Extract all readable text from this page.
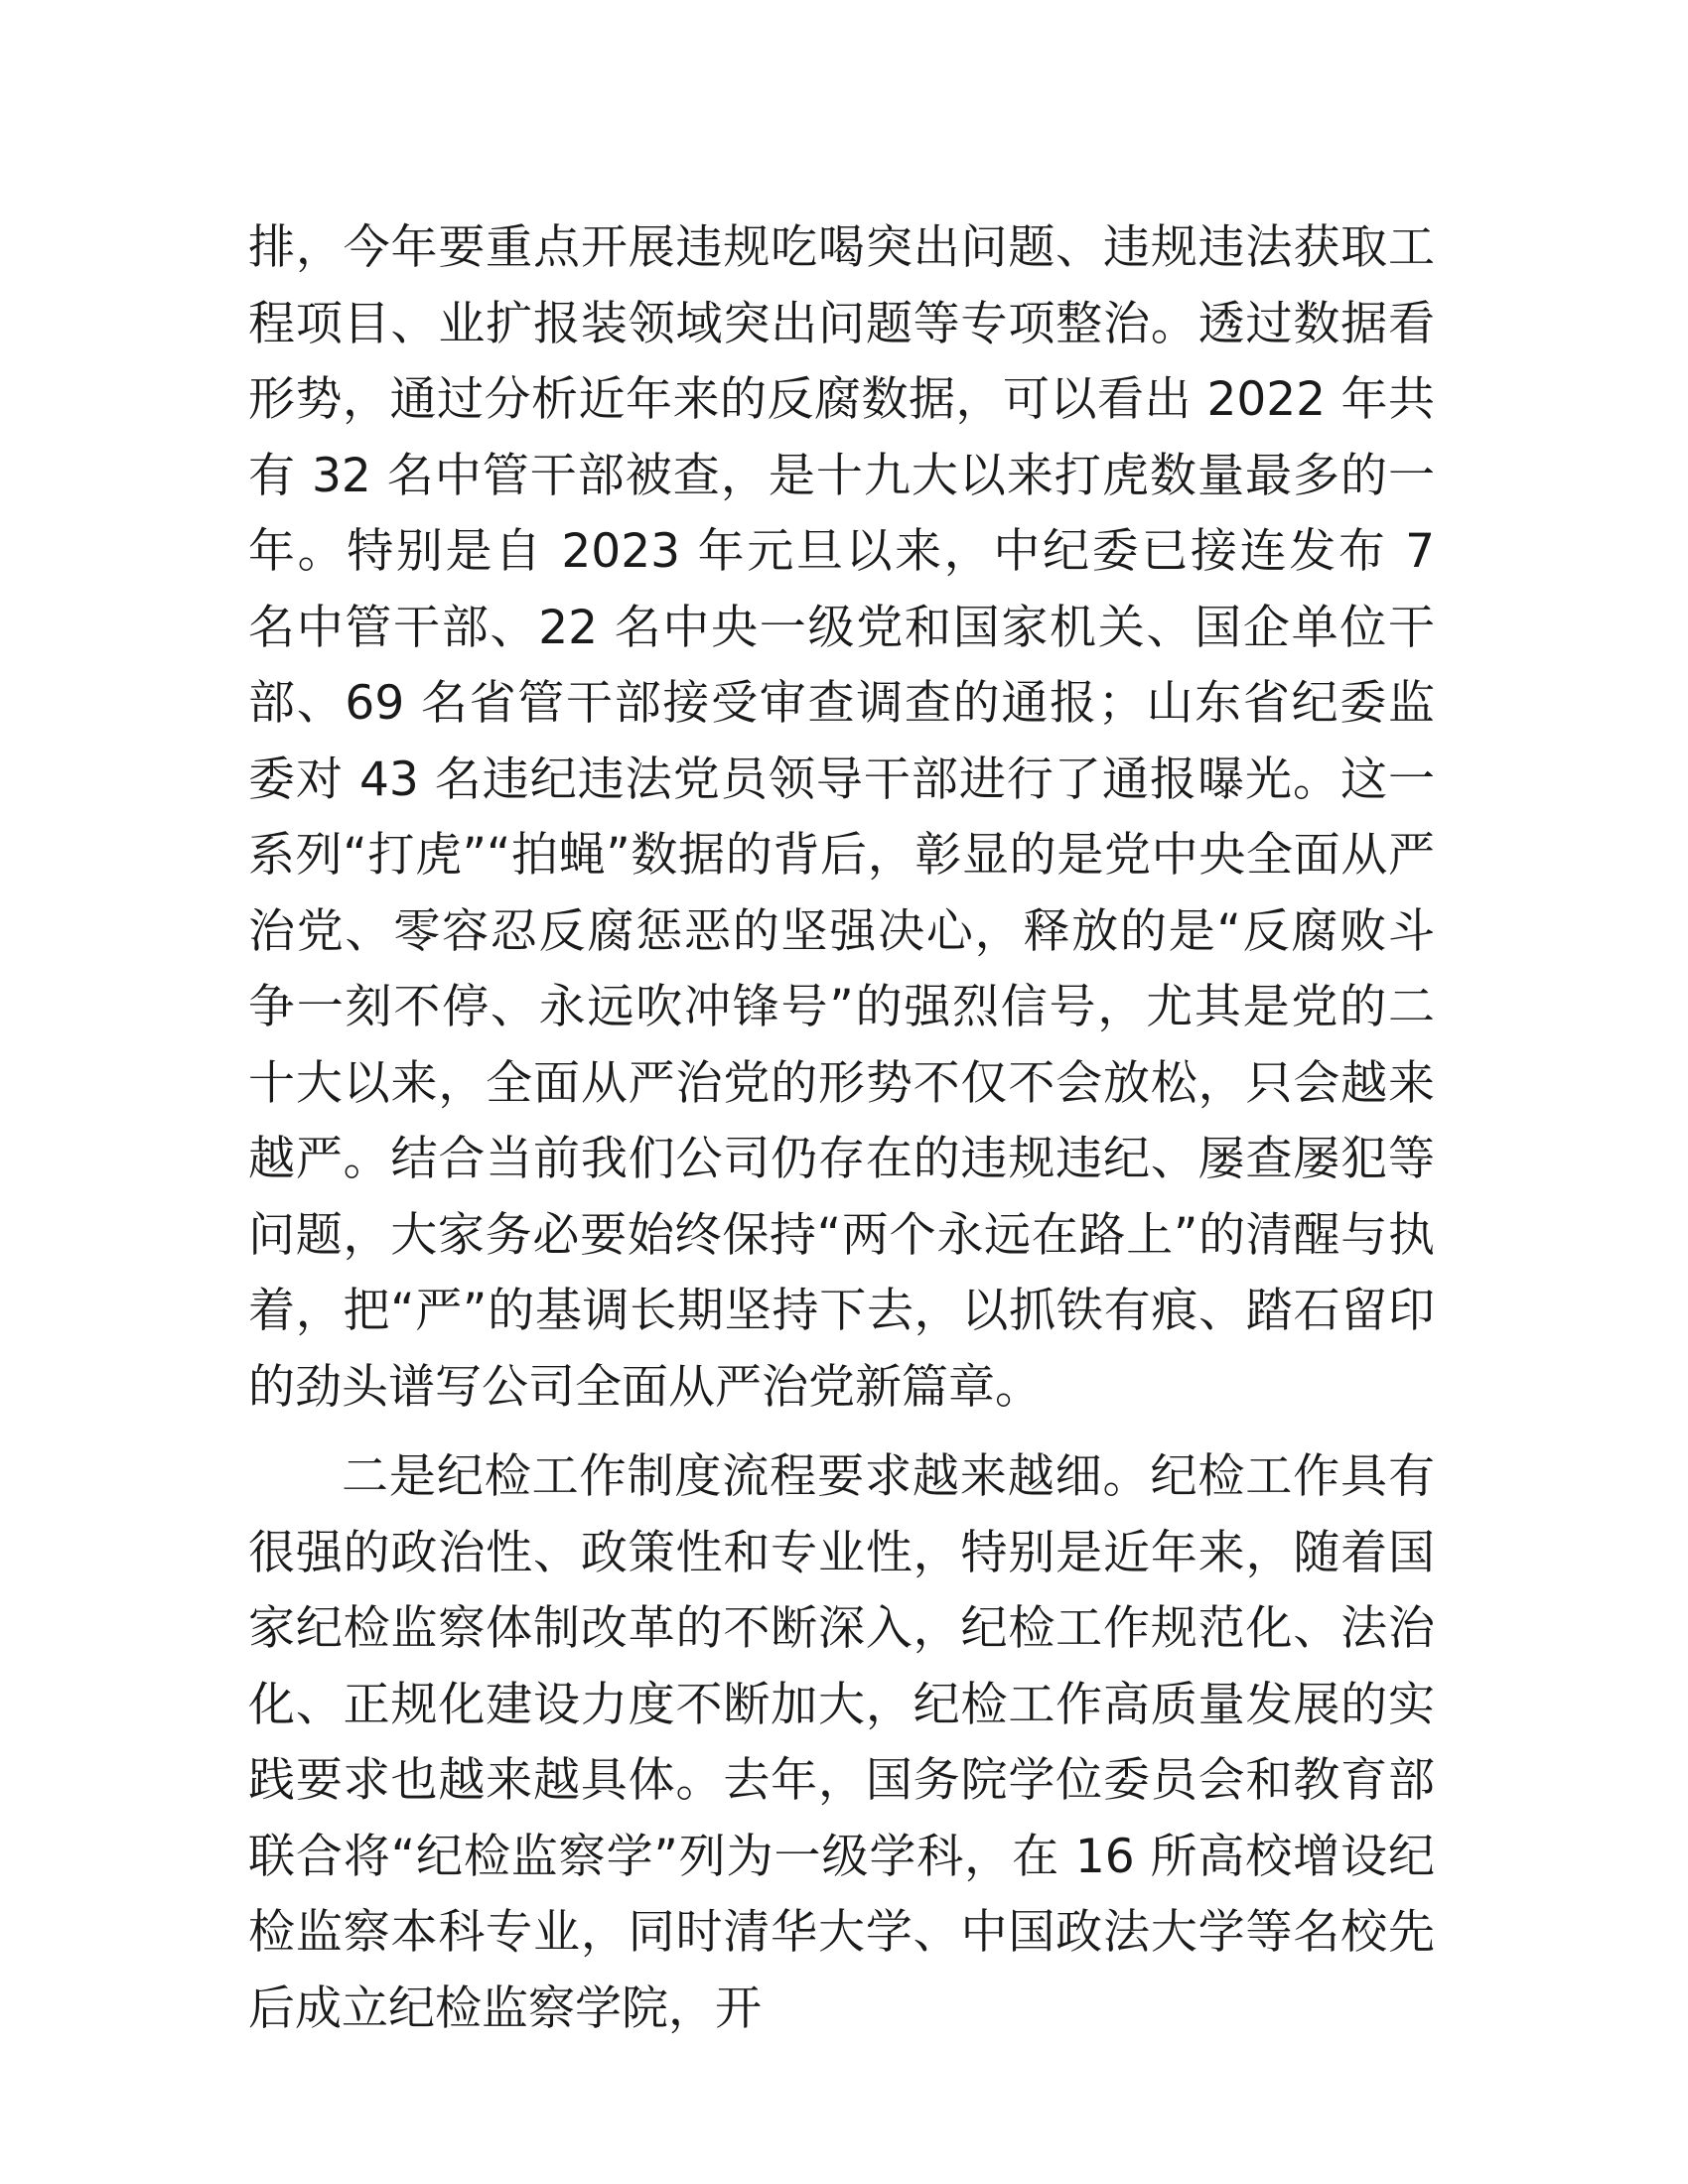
排，今年要重点开展违规吃喝突出问题、违规违法获取工程项目、业扩报装领域突出问题等专项整治。透过数据看形势，通过分析近年来的反腐数据，可以看出 2022 年共有 32 名中管干部被查，是十九大以来打虎数量最多的一年。特别是自 2023 年元旦以来，中纪委已接连发布 7 名中管干部、22 名中央一级党和国家机关、国企单位干部、69 名省管干部接受审查调查的通报；山东省纪委监委对 43 名违纪违法党员领导干部进行了通报曝光。这一系列“打虎”“拍蝇”数据的背后，彰显的是党中央全面从严治党、零容忍反腐惩恶的坚强决心，释放的是“反腐败斗争一刻不停、永远吹冲锋号”的强烈信号，尤其是党的二十大以来，全面从严治党的形势不仅不会放松，只会越来越严。结合当前我们公司仍存在的违规违纪、屡查屡犯等问题，大家务必要始终保持“两个永远在路上”的清醒与执着，把“严”的基调长期坚持下去，以抓铁有痕、踏石留印的劲头谱写公司全面从严治党新篇章。

二是纪检工作制度流程要求越来越细。纪检工作具有很强的政治性、政策性和专业性，特别是近年来，随着国家纪检监察体制改革的不断深入，纪检工作规范化、法治化、正规化建设力度不断加大，纪检工作高质量发展的实践要求也越来越具体。去年，国务院学位委员会和教育部联合将“纪检监察学”列为一级学科，在 16 所高校增设纪检监察本科专业，同时清华大学、中国政法大学等名校先后成立纪检监察学院，开
